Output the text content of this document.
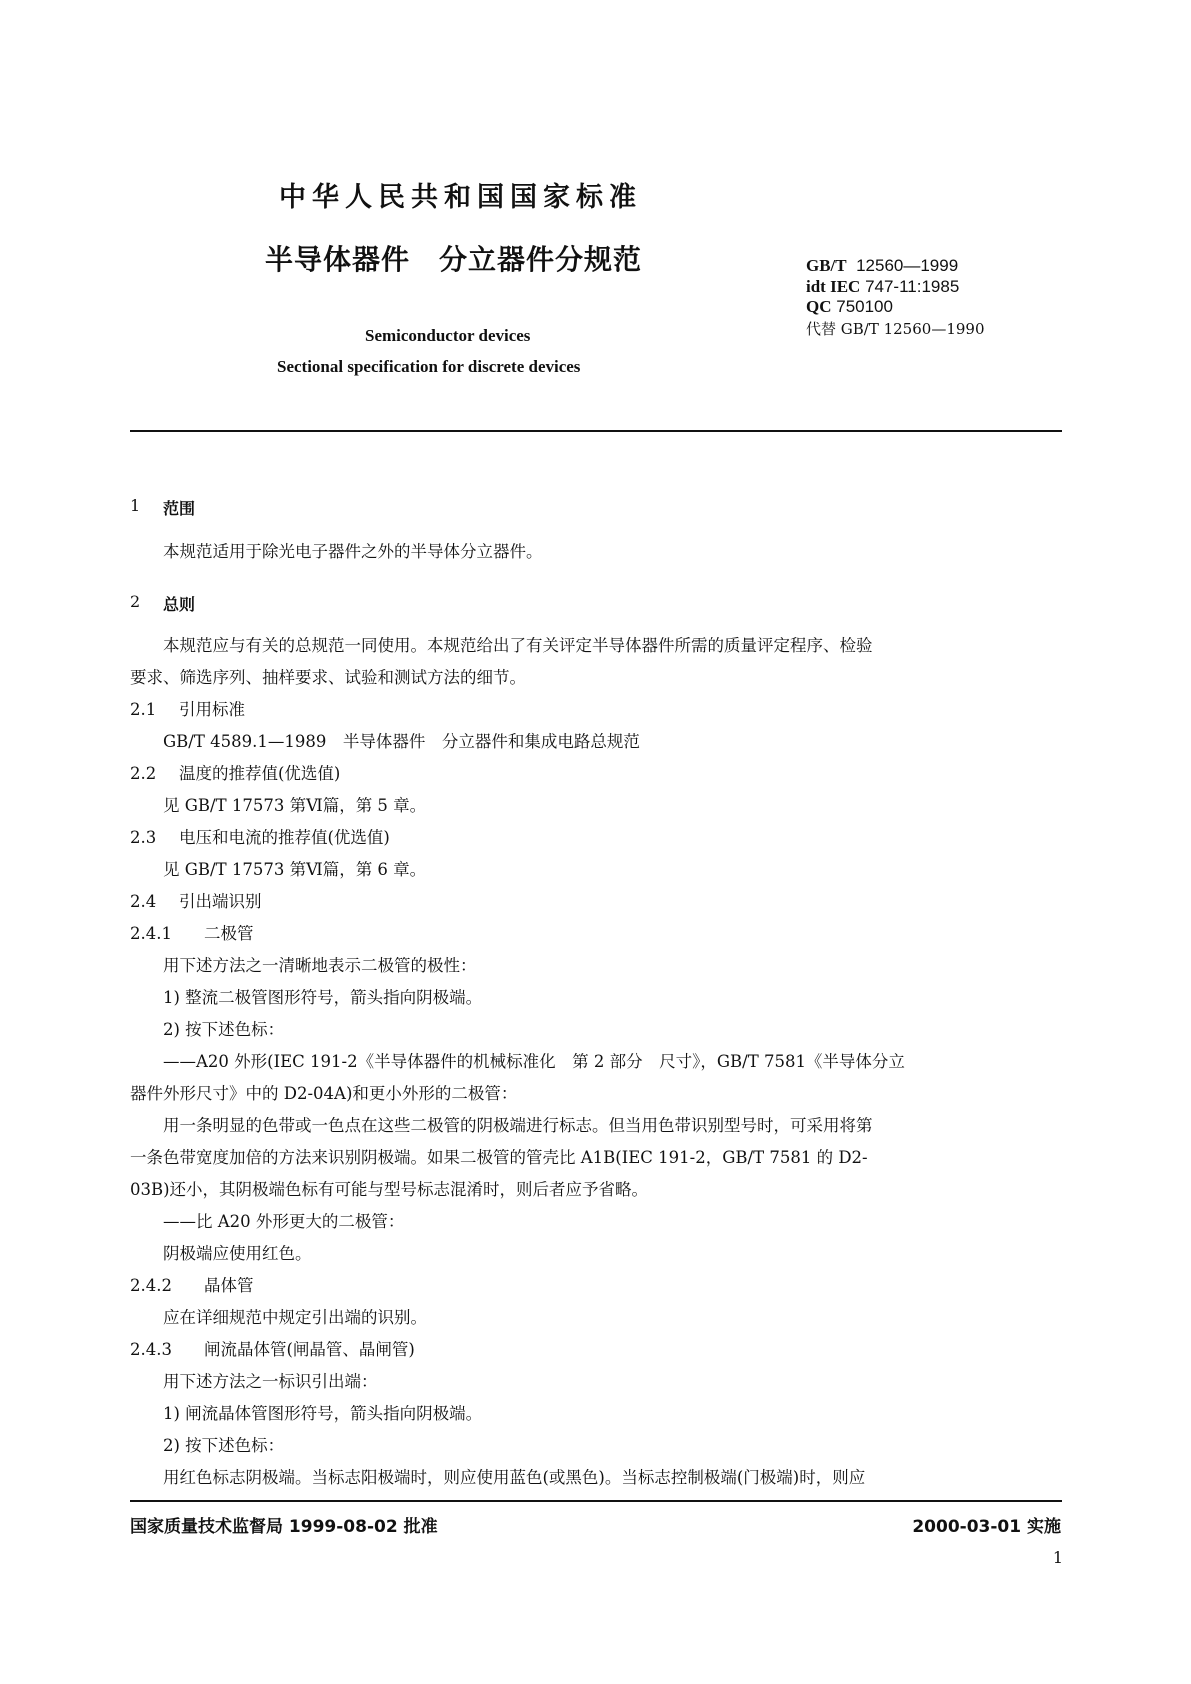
中华人民共和国国家标准
半导体器件　分立器件分规范
Semiconductor devices
Sectional specification for discrete devices
GB/T 12560—1999
idt IEC 747-11:1985
QC 750100
代替 GB/T 12560—1990
1 范围
本规范适用于除光电子器件之外的半导体分立器件。
2 总则
本规范应与有关的总规范一同使用。本规范给出了有关评定半导体器件所需的质量评定程序、检验
要求、筛选序列、抽样要求、试验和测试方法的细节。
2.1 引用标准
GB/T 4589.1—1989　半导体器件　分立器件和集成电路总规范
2.2 温度的推荐值(优选值)
见 GB/T 17573 第Ⅵ篇，第 5 章。
2.3 电压和电流的推荐值(优选值)
见 GB/T 17573 第Ⅵ篇，第 6 章。
2.4 引出端识别
2.4.1 二极管
用下述方法之一清晰地表示二极管的极性：
1) 整流二极管图形符号，箭头指向阴极端。
2) 按下述色标：
——A20 外形(IEC 191-2《半导体器件的机械标准化　第 2 部分　尺寸》，GB/T 7581《半导体分立
器件外形尺寸》中的 D2-04A)和更小外形的二极管：
用一条明显的色带或一色点在这些二极管的阴极端进行标志。但当用色带识别型号时，可采用将第
一条色带宽度加倍的方法来识别阴极端。如果二极管的管壳比 A1B(IEC 191-2，GB/T 7581 的 D2-
03B)还小，其阴极端色标有可能与型号标志混淆时，则后者应予省略。
——比 A20 外形更大的二极管：
阴极端应使用红色。
2.4.2 晶体管
应在详细规范中规定引出端的识别。
2.4.3 闸流晶体管(闸晶管、晶闸管)
用下述方法之一标识引出端：
1) 闸流晶体管图形符号，箭头指向阴极端。
2) 按下述色标：
用红色标志阴极端。当标志阳极端时，则应使用蓝色(或黑色)。当标志控制极端(门极端)时，则应
国家质量技术监督局 1999-08-02 批准	2000-03-01 实施
1
